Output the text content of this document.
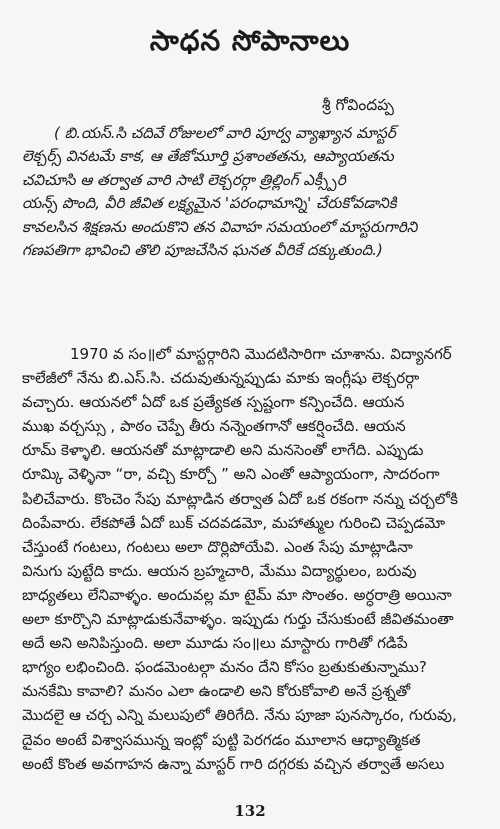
సాధన సోపానాలు
శ్రీ గోవిందప్ప
( బి.యస్.సి చదివే రోజులలో వారి పూర్వ వ్యాఖ్యాన మాస్టర్
లెక్చర్స్ వినటమే కాక, ఆ తేజోమూర్తి ప్రశాంతతను, ఆప్యాయతను
చవిచూసి ఆ తర్వాత వారి సాటి లెక్చరర్గా త్రిల్లింగ్ ఎక్స్పీరి
యన్స్ పొంది, వీరి జీవిత లక్ష్యమైన 'పరంధామాన్ని' చేరుకోవడానికి
కావలసిన శిక్షణను అందుకొని తన వివాహ సమయంలో మాస్టరుగారిని
గణపతిగా భావించి తొలి పూజచేసిన ఘనత వీరికే దక్కుతుంది.)
1970 వ సం॥లో మాస్టర్గారిని మొదటిసారిగా చూశాను. విద్యానగర్
కాలేజీలో నేను బి.ఎస్.సి. చదువుతున్నప్పుడు మాకు ఇంగ్లీషు లెక్చరర్గా
వచ్చారు. ఆయనలో ఏదో ఒక ప్రత్యేకత స్పష్టంగా కన్పించేది. ఆయన
ముఖ వర్చస్సు , పాఠం చెప్పే తీరు నన్నెంతగానో ఆకర్షించేది. ఆయన
రూమ్ కెళ్ళాలి. ఆయనతో మాట్లాడాలి అని మనసెంతో లాగేది. ఎప్పుడు
రూమ్కి వెళ్ళినా “రా, వచ్చి కూర్చో ” అని ఎంతో ఆప్యాయంగా, సాదరంగా
పిలిచేవారు. కొంచెం సేపు మాట్లాడిన తర్వాత ఏదో ఒక రకంగా నన్ను చర్చలోకి
దింపేవారు. లేకపోతే ఏదో బుక్ చదవడమో, మహాత్ముల గురించి చెప్పడమో
చేస్తుంటే గంటలు, గంటలు అలా దొర్లిపోయేవి. ఎంత సేపు మాట్లాడినా
వినుగు పుట్టేది కాదు. ఆయన బ్రహ్మచారి, మేము విద్యార్థులం, బరువు
బాధ్యతలు లేనివాళ్ళం. అందువల్ల మా టైమ్ మా సొంతం. అర్ధరాత్రి అయినా
అలా కూర్చొని మాట్లాడుకునేవాళ్ళం. ఇప్పుడు గుర్తు చేసుకుంటే జీవితమంతా
అదే అని అనిపిస్తుంది. అలా మూడు సం॥లు మాస్టారు గారితో గడిపే
భాగ్యం లభించింది. ఫండమెంటల్గా మనం దేని కోసం బ్రతుకుతున్నాము?
మనకేమి కావాలి? మనం ఎలా ఉండాలి అని కోరుకోవాలి అనే ప్రశ్నతో
మొదలై ఆ చర్చ ఎన్ని మలుపులో తిరిగేది. నేను పూజా పునస్కారం, గురువు,
దైవం అంటే విశ్వాసమున్న ఇంట్లో పుట్టి పెరగడం మూలాన ఆధ్యాత్మికత
అంటే కొంత అవగాహన ఉన్నా మాస్టర్ గారి దగ్గరకు వచ్చిన తర్వాతే అసలు
132
